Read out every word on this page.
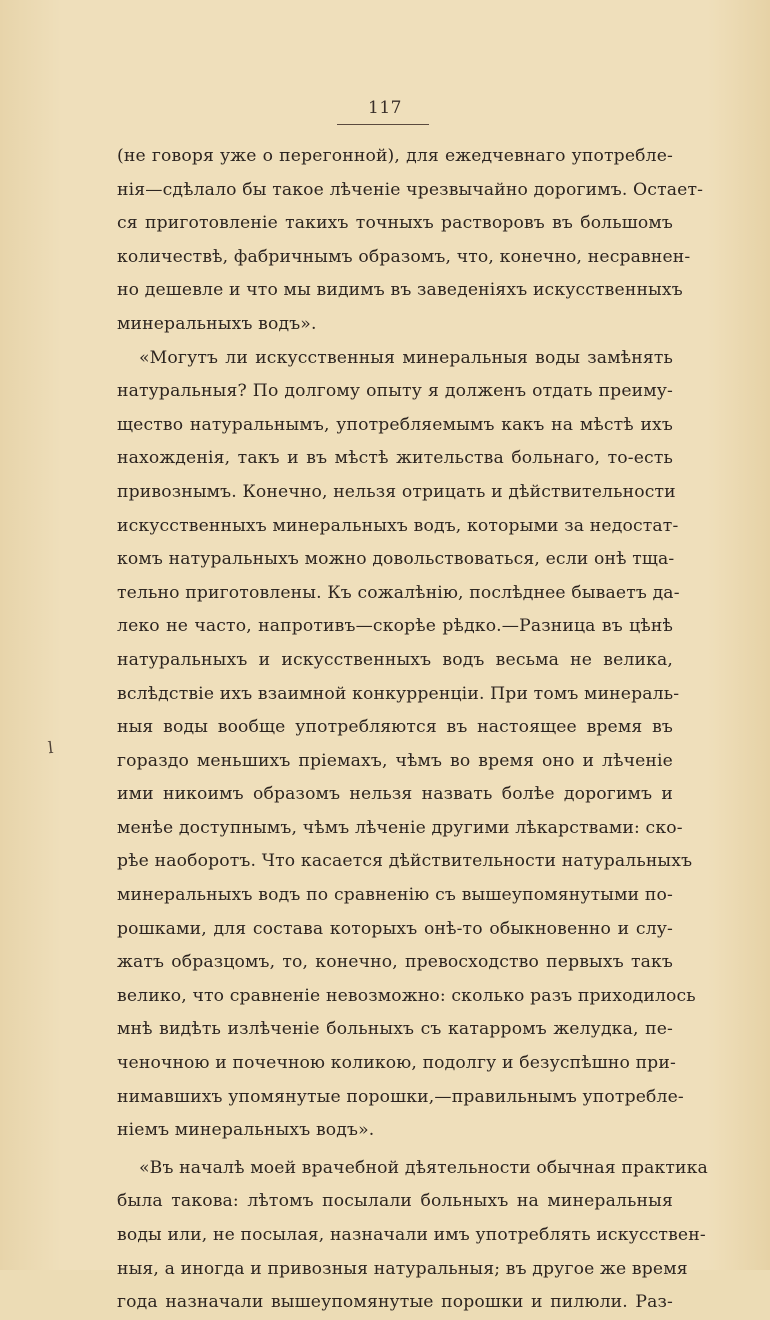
117
l
(не говоря уже о перегонной), для ежедчевнаго употребле-
нія—сдѣлало бы такое лѣченіе чрезвычайно дорогимъ. Остает-
ся приготовленіе такихъ точныхъ растворовъ въ большомъ
количествѣ, фабричнымъ образомъ, что, конечно, несравнен-
но дешевле и что мы видимъ въ заведеніяхъ искусственныхъ
минеральныхъ водъ».
«Могутъ ли искусственныя минеральныя воды замѣнять
натуральныя? По долгому опыту я долженъ отдать преиму-
щество натуральнымъ, употребляемымъ какъ на мѣстѣ ихъ
нахожденія, такъ и въ мѣстѣ жительства больнаго, то-есть
привознымъ. Конечно, нельзя отрицать и дѣйствительности
искусственныхъ минеральныхъ водъ, которыми за недостат-
комъ натуральныхъ можно довольствоваться, если онѣ тща-
тельно приготовлены. Къ сожалѣнію, послѣднее бываетъ да-
леко не часто, напротивъ—скорѣе рѣдко.—Разница въ цѣнѣ
натуральныхъ и искусственныхъ водъ весьма не велика,
вслѣдствіе ихъ взаимной конкурренціи. При томъ минераль-
ныя воды вообще употребляются въ настоящее время въ
гораздо меньшихъ пріемахъ, чѣмъ во время оно и лѣченіе
ими никоимъ образомъ нельзя назвать болѣе дорогимъ и
менѣе доступнымъ, чѣмъ лѣченіе другими лѣкарствами: ско-
рѣе наоборотъ. Что касается дѣйствительности натуральныхъ
минеральныхъ водъ по сравненію съ вышеупомянутыми по-
рошками, для состава которыхъ онѣ-то обыкновенно и слу-
жатъ образцомъ, то, конечно, превосходство первыхъ такъ
велико, что сравненіе невозможно: сколько разъ приходилось
мнѣ видѣть излѣченіе больныхъ съ катарромъ желудка, пе-
ченочною и почечною коликою, подолгу и безуспѣшно при-
нимавшихъ упомянутые порошки,—правильнымъ употребле-
ніемъ минеральныхъ водъ».
«Въ началѣ моей врачебной дѣятельности обычная практика
была такова: лѣтомъ посылали больныхъ на минеральныя
воды или, не посылая, назначали имъ употреблять искусствен-
ныя, а иногда и привозныя натуральныя; въ другое же время
года назначали вышеупомянутые порошки и пилюли. Раз-
